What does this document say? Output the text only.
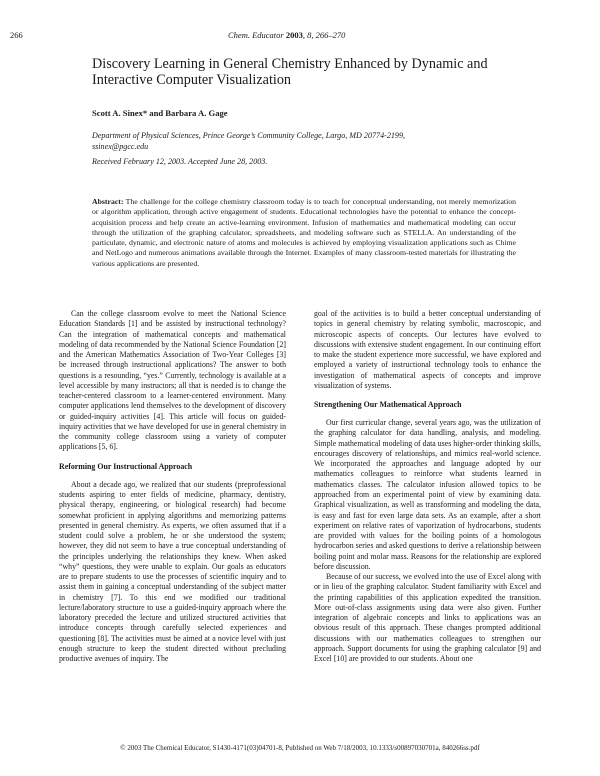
266	Chem. Educator 2003, 8, 266–270
Discovery Learning in General Chemistry Enhanced by Dynamic and Interactive Computer Visualization
Scott A. Sinex* and Barbara A. Gage
Department of Physical Sciences, Prince George’s Community College, Largo, MD 20774-2199,
ssinex@pgcc.edu
Received February 12, 2003. Accepted June 28, 2003.
Abstract: The challenge for the college chemistry classroom today is to teach for conceptual understanding, not merely memorization or algorithm application, through active engagement of students. Educational technologies have the potential to enhance the concept-acquisition process and help create an active-learning environment. Infusion of mathematics and mathematical modeling can occur through the utilization of the graphing calculator, spreadsheets, and modeling software such as STELLA. An understanding of the particulate, dynamic, and electronic nature of atoms and molecules is achieved by employing visualization applications such as Chime and NetLogo and numerous animations available through the Internet. Examples of many classroom-tested materials for illustrating the various applications are presented.

Can the college classroom evolve to meet the National Science Education Standards [1] and be assisted by instructional technology? Can the integration of mathematical concepts and mathematical modeling of data recommended by the National Science Foundation [2] and the American Mathematics Association of Two-Year Colleges [3] be increased through instructional applications? The answer to both questions is a resounding, “yes.” Currently, technology is available at a level accessible by many instructors; all that is needed is to change the teacher-centered classroom to a learner-centered environment. Many computer applications lend themselves to the development of discovery or guided-inquiry activities [4]. This article will focus on guided-inquiry activities that we have developed for use in general chemistry in the community college classroom using a variety of computer applications [5, 6].

Reforming Our Instructional Approach

About a decade ago, we realized that our students (preprofessional students aspiring to enter fields of medicine, pharmacy, dentistry, physical therapy, engineering, or biological research) had become somewhat proficient in applying algorithms and memorizing patterns presented in general chemistry. As experts, we often assumed that if a student could solve a problem, he or she understood the system; however, they did not seem to have a true conceptual understanding of the principles underlying the relationships they knew. When asked “why” questions, they were unable to explain. Our goals as educators are to prepare students to use the processes of scientific inquiry and to assist them in gaining a conceptual understanding of the subject matter in chemistry [7]. To this end we modified our traditional lecture/laboratory structure to use a guided-inquiry approach where the laboratory preceded the lecture and utilized structured activities that introduce concepts through carefully selected experiences and questioning [8]. The activities must be aimed at a novice level with just enough structure to keep the student directed without precluding productive avenues of inquiry. The

goal of the activities is to build a better conceptual understanding of topics in general chemistry by relating symbolic, macroscopic, and microscopic aspects of concepts. Our lectures have evolved to discussions with extensive student engagement. In our continuing effort to make the student experience more successful, we have explored and employed a variety of instructional technology tools to enhance the investigation of mathematical aspects of concepts and improve visualization of systems.

Strengthening Our Mathematical Approach

Our first curricular change, several years ago, was the utilization of the graphing calculator for data handling, analysis, and modeling. Simple mathematical modeling of data uses higher-order thinking skills, encourages discovery of relationships, and mimics real-world science. We incorporated the approaches and language adopted by our mathematics colleagues to reinforce what students learned in mathematics classes. The calculator infusion allowed topics to be approached from an experimental point of view by examining data. Graphical visualization, as well as transforming and modeling the data, is easy and fast for even large data sets. As an example, after a short experiment on relative rates of vaporization of hydrocarbons, students are provided with values for the boiling points of a homologous hydrocarbon series and asked questions to derive a relationship between boiling point and molar mass. Reasons for the relationship are explored before discussion.

Because of our success, we evolved into the use of Excel along with or in lieu of the graphing calculator. Student familiarity with Excel and the printing capabilities of this application expedited the transition. More out-of-class assignments using data were also given. Further integration of algebraic concepts and links to applications was an obvious result of this approach. These changes prompted additional discussions with our mathematics colleagues to strengthen our approach. Support documents for using the graphing calculator [9] and Excel [10] are provided to our students. About one

© 2003 The Chemical Educator, S1430-4171(03)04701-8, Published on Web 7/18/2003, 10.1333/s00897030701a, 840266ss.pdf
